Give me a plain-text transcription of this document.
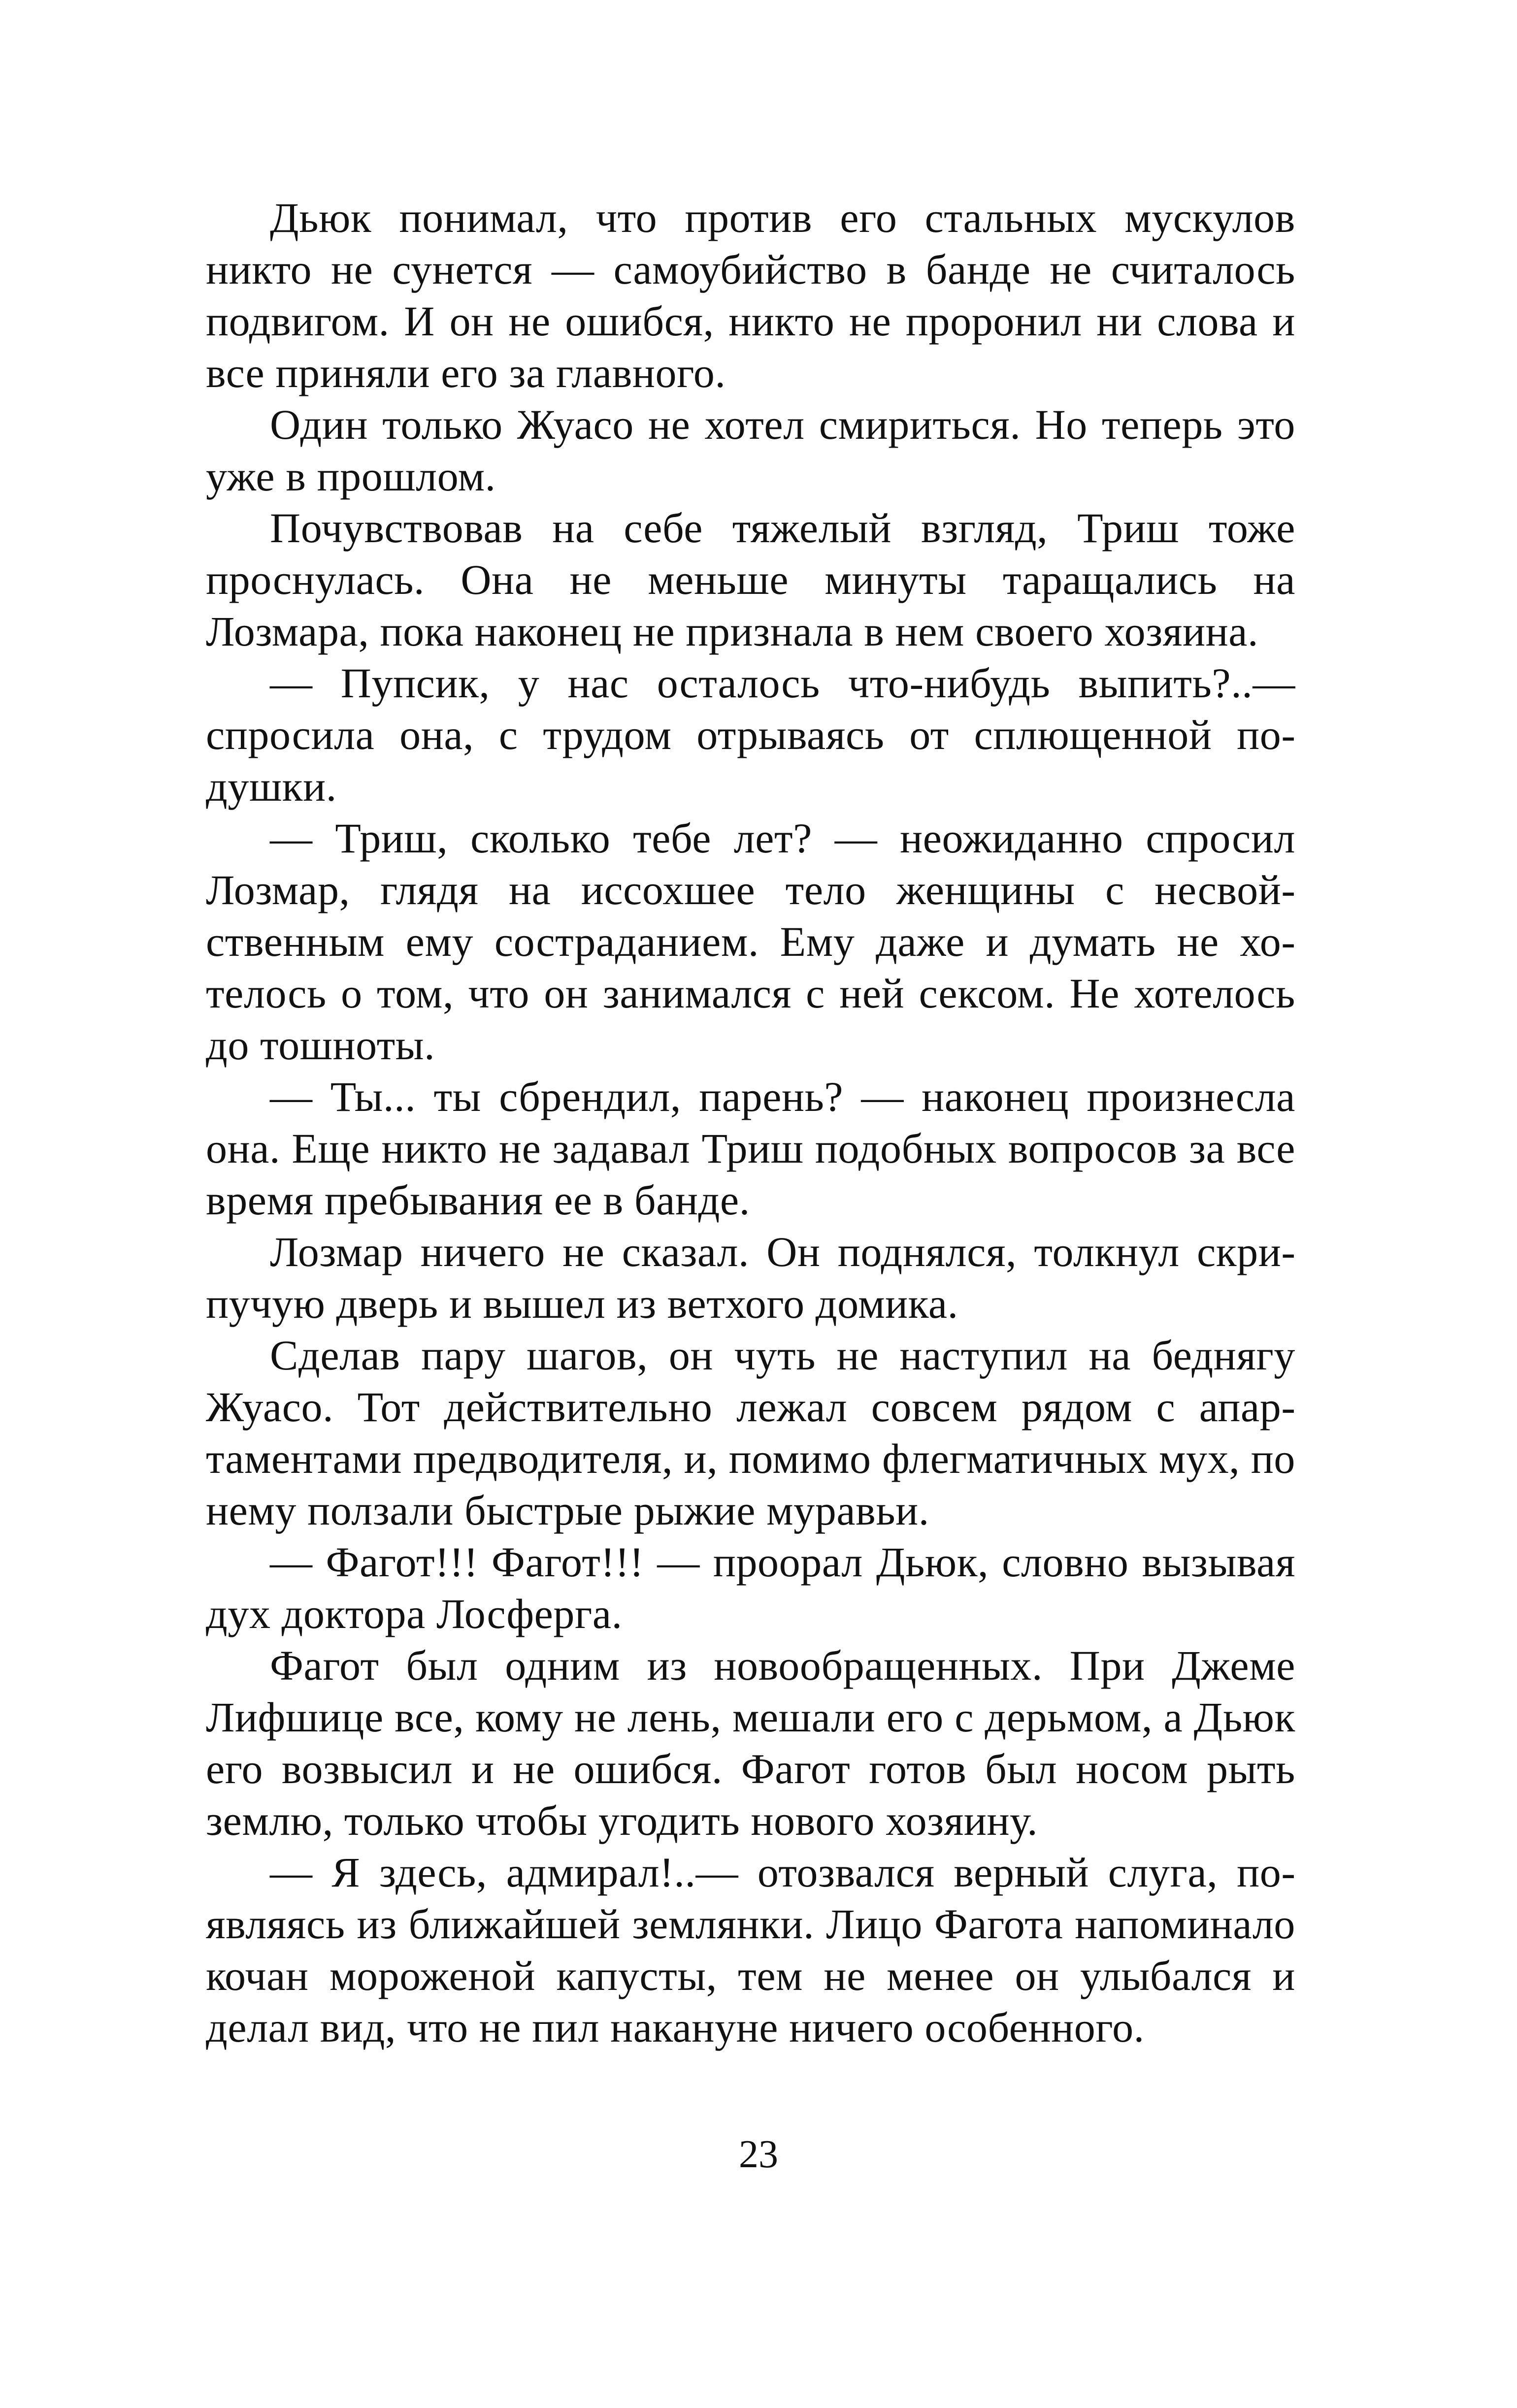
Дьюк понимал, что против его стальных мускулов никто не сунется — самоубийство в банде не считалось подвигом. И он не ошибся, никто не проронил ни слова и все приняли его за главного.

Один только Жуасо не хотел смириться. Но теперь это уже в прошлом.

Почувствовав на себе тяжелый взгляд, Триш тоже проснулась. Она не меньше минуты таращались на Лозмара, пока наконец не признала в нем своего хозяина.

— Пупсик, у нас осталось что-нибудь выпить?..— спросила она, с трудом отрываясь от сплющенной подушки.

— Триш, сколько тебе лет? — неожиданно спросил Лозмар, глядя на иссохшее тело женщины с несвойственным ему состраданием. Ему даже и думать не хотелось о том, что он занимался с ней сексом. Не хотелось до тошноты.

— Ты... ты сбрендил, парень? — наконец произнесла она. Еще никто не задавал Триш подобных вопросов за все время пребывания ее в банде.

Лозмар ничего не сказал. Он поднялся, толкнул скрипучую дверь и вышел из ветхого домика.

Сделав пару шагов, он чуть не наступил на беднягу Жуасо. Тот действительно лежал совсем рядом с апартаментами предводителя, и, помимо флегматичных мух, по нему ползали быстрые рыжие муравьи.

— Фагот!!! Фагот!!! — проорал Дьюк, словно вызывая дух доктора Лосферга.

Фагот был одним из новообращенных. При Джеме Лифшице все, кому не лень, мешали его с дерьмом, а Дьюк его возвысил и не ошибся. Фагот готов был носом рыть землю, только чтобы угодить нового хозяину.

— Я здесь, адмирал!..— отозвался верный слуга, появляясь из ближайшей землянки. Лицо Фагота напоминало кочан мороженой капусты, тем не менее он улыбался и делал вид, что не пил накануне ничего особенного.

23
